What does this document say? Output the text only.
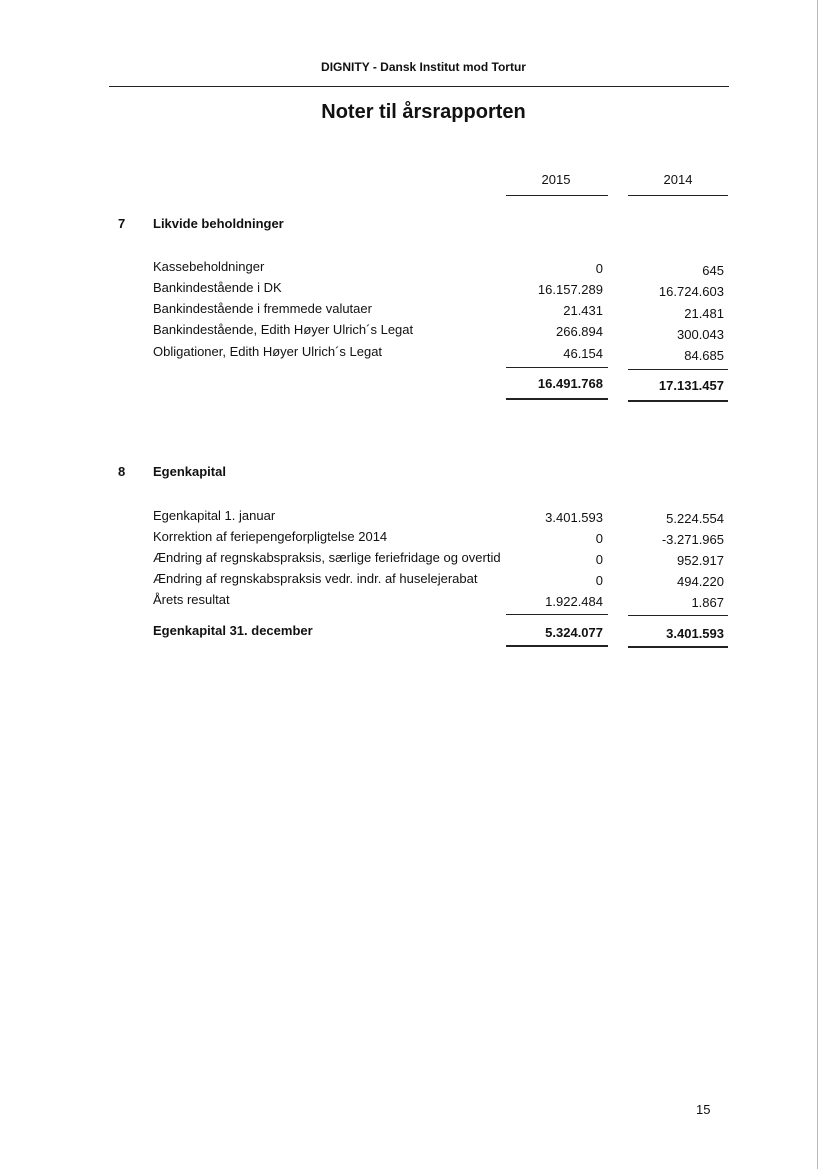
DIGNITY - Dansk Institut mod Tortur
Noter til årsrapporten
2015	2014
7 Likvide beholdninger
Kassebeholdninger	0	645
Bankindestående i DK	16.157.289	16.724.603
Bankindestående i fremmede valutaer	21.431	21.481
Bankindestående, Edith Høyer Ulrich´s Legat	266.894	300.043
Obligationer, Edith Høyer Ulrich´s Legat	46.154	84.685
16.491.768	17.131.457
8 Egenkapital
Egenkapital 1. januar	3.401.593	5.224.554
Korrektion af feriepengeforpligtelse 2014	0	-3.271.965
Ændring af regnskabspraksis, særlige feriefridage og overtid	0	952.917
Ændring af regnskabspraksis vedr. indr. af huselejerabat	0	494.220
Årets resultat	1.922.484	1.867
Egenkapital 31. december	5.324.077	3.401.593
15
